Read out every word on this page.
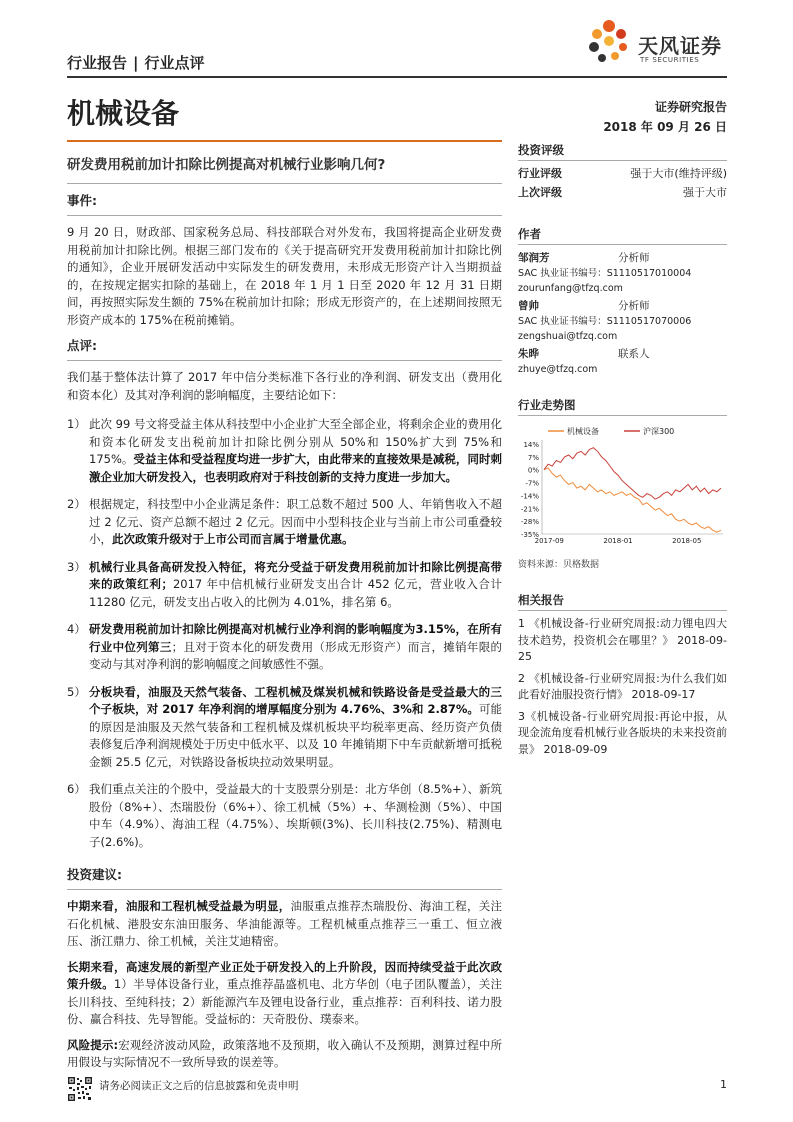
行业报告 | 行业点评
天风证券
TF SECURITIES
机械设备	证券研究报告
2018 年 09 月 26 日
研发费用税前加计扣除比例提高对机械行业影响几何?
事件:
9 月 20 日，财政部、国家税务总局、科技部联合对外发布，我国将提高企业研发费用税前加计扣除比例。根据三部门发布的《关于提高研究开发费用税前加计扣除比例的通知》，企业开展研发活动中实际发生的研发费用，未形成无形资产计入当期损益的，在按规定据实扣除的基础上，在 2018 年 1 月 1 日至 2020 年 12 月 31 日期间，再按照实际发生额的 75%在税前加计扣除；形成无形资产的，在上述期间按照无形资产成本的 175%在税前摊销。
点评:
我们基于整体法计算了 2017 年中信分类标准下各行业的净利润、研发支出（费用化和资本化）及其对净利润的影响幅度，主要结论如下：
1） 此次 99 号文将受益主体从科技型中小企业扩大至全部企业，将剩余企业的费用化和资本化研发支出税前加计扣除比例分别从 50%和 150%扩大到 75%和 175%。受益主体和受益程度均进一步扩大，由此带来的直接效果是减税，同时刺激企业加大研发投入，也表明政府对于科技创新的支持力度进一步加大。
2） 根据规定，科技型中小企业满足条件：职工总数不超过 500 人、年销售收入不超过 2 亿元、资产总额不超过 2 亿元。因而中小型科技企业与当前上市公司重叠较小，此次政策升级对于上市公司而言属于增量优惠。
3） 机械行业具备高研发投入特征，将充分受益于研发费用税前加计扣除比例提高带来的政策红利；2017 年中信机械行业研发支出合计 452 亿元，营业收入合计 11280 亿元，研发支出占收入的比例为 4.01%，排名第 6。
4） 研发费用税前加计扣除比例提高对机械行业净利润的影响幅度为3.15%，在所有行业中位列第三；且对于资本化的研发费用（形成无形资产）而言，摊销年限的变动与其对净利润的影响幅度之间敏感性不强。
5） 分板块看，油服及天然气装备、工程机械及煤炭机械和铁路设备是受益最大的三个子板块，对 2017 年净利润的增厚幅度分别为 4.76%、3%和 2.87%。可能的原因是油服及天然气装备和工程机械及煤机板块平均税率更高、经历资产负债表修复后净利润规模处于历史中低水平、以及 10 年摊销期下中车贡献新增可抵税金额 25.5 亿元，对铁路设备板块拉动效果明显。
6） 我们重点关注的个股中，受益最大的十支股票分别是：北方华创（8.5%+）、新筑股份（8%+）、杰瑞股份（6%+）、徐工机械（5%）+、华测检测（5%）、中国中车（4.9%）、海油工程（4.75%）、埃斯顿(3%)、长川科技(2.75%)、精测电子(2.6%)。
投资建议:
中期来看，油服和工程机械受益最为明显，油服重点推荐杰瑞股份、海油工程，关注石化机械、港股安东油田服务、华油能源等。工程机械重点推荐三一重工、恒立液压、浙江鼎力、徐工机械，关注艾迪精密。
长期来看，高速发展的新型产业正处于研发投入的上升阶段，因而持续受益于此次政策升级。1）半导体设备行业，重点推荐晶盛机电、北方华创（电子团队覆盖），关注长川科技、至纯科技；2）新能源汽车及锂电设备行业，重点推荐：百利科技、诺力股份、赢合科技、先导智能。受益标的：天奇股份、璞泰来。
风险提示:宏观经济波动风险，政策落地不及预期，收入确认不及预期，测算过程中所用假设与实际情况不一致所导致的误差等。
投资评级
行业评级	强于大市(维持评级)
上次评级	强于大市
作者
邹润芳	分析师
SAC 执业证书编号：S1110517010004
zourunfang@tfzq.com
曾帅	分析师
SAC 执业证书编号：S1110517070006
zengshuai@tfzq.com
朱晔	联系人
zhuye@tfzq.com
行业走势图
机械设备	沪深300
14%
7%
0%
-7%
-14%
-21%
-28%
-35%
2017-09	2018-01	2018-05
资料来源：贝格数据
相关报告
1 《机械设备-行业研究周报:动力锂电四大技术趋势，投资机会在哪里？》 2018-09-25
2 《机械设备-行业研究周报:为什么我们如此看好油服投资行情》 2018-09-17
3《机械设备-行业研究周报:再论中报，从现金流角度看机械行业各版块的未来投资前景》 2018-09-09
请务必阅读正文之后的信息披露和免责申明	1
